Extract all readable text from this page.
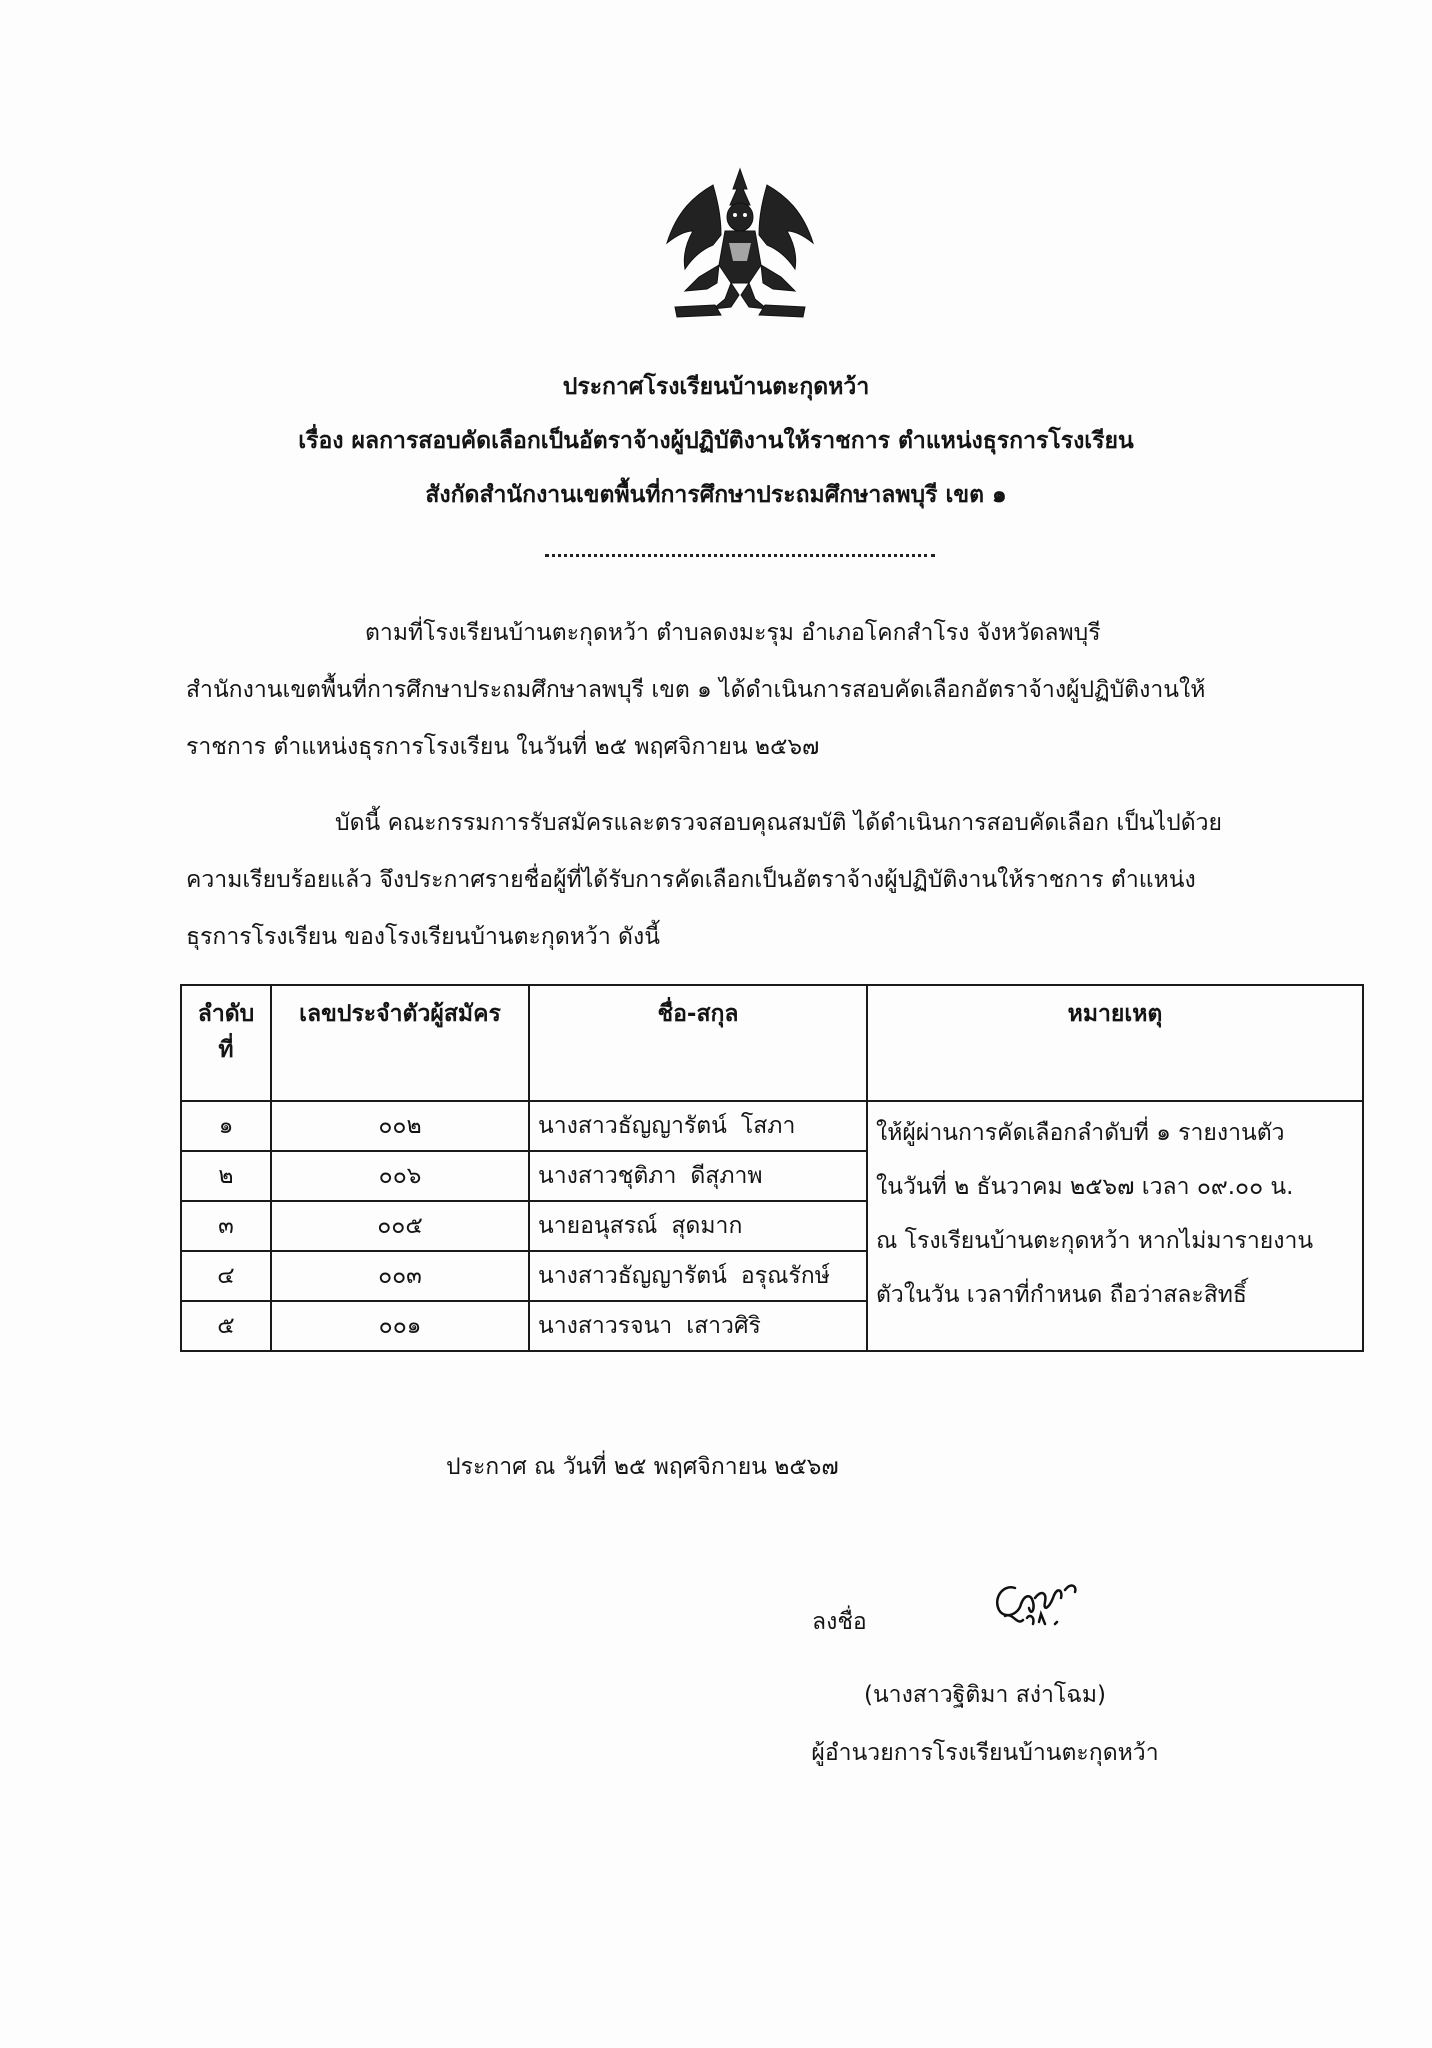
ประกาศโรงเรียนบ้านตะกุดหว้า
เรื่อง ผลการสอบคัดเลือกเป็นอัตราจ้างผู้ปฏิบัติงานให้ราชการ ตำแหน่งธุรการโรงเรียน
สังกัดสำนักงานเขตพื้นที่การศึกษาประถมศึกษาลพบุรี เขต ๑
ตามที่โรงเรียนบ้านตะกุดหว้า ตำบลดงมะรุม อำเภอโคกสำโรง จังหวัดลพบุรี
สำนักงานเขตพื้นที่การศึกษาประถมศึกษาลพบุรี เขต ๑ ได้ดำเนินการสอบคัดเลือกอัตราจ้างผู้ปฏิบัติงานให้
ราชการ ตำแหน่งธุรการโรงเรียน ในวันที่ ๒๕ พฤศจิกายน ๒๕๖๗
บัดนี้ คณะกรรมการรับสมัครและตรวจสอบคุณสมบัติ ได้ดำเนินการสอบคัดเลือก เป็นไปด้วย
ความเรียบร้อยแล้ว จึงประกาศรายชื่อผู้ที่ได้รับการคัดเลือกเป็นอัตราจ้างผู้ปฏิบัติงานให้ราชการ ตำแหน่ง
ธุรการโรงเรียน ของโรงเรียนบ้านตะกุดหว้า ดังนี้
ลำดับ
ที่	เลขประจำตัวผู้สมัคร	ชื่อ-สกุล	หมายเหตุ
๑	๐๐๒	นางสาวธัญญารัตน์ โสภา	ให้ผู้ผ่านการคัดเลือกลำดับที่ ๑ รายงานตัว
ในวันที่ ๒ ธันวาคม ๒๕๖๗ เวลา ๐๙.๐๐ น.
ณ โรงเรียนบ้านตะกุดหว้า หากไม่มารายงาน
ตัวในวัน เวลาที่กำหนด ถือว่าสละสิทธิ์

๒	๐๐๖	นางสาวชุติภา ดีสุภาพ	
๓	๐๐๕	นายอนุสรณ์ สุดมาก	
๔	๐๐๓	นางสาวธัญญารัตน์ อรุณรักษ์	
๕	๐๐๑	นางสาวรจนา เสาวศิริ	
ประกาศ ณ วันที่ ๒๕ พฤศจิกายน ๒๕๖๗
ลงชื่อ
(นางสาวฐิติมา สง่าโฉม)
ผู้อำนวยการโรงเรียนบ้านตะกุดหว้า
